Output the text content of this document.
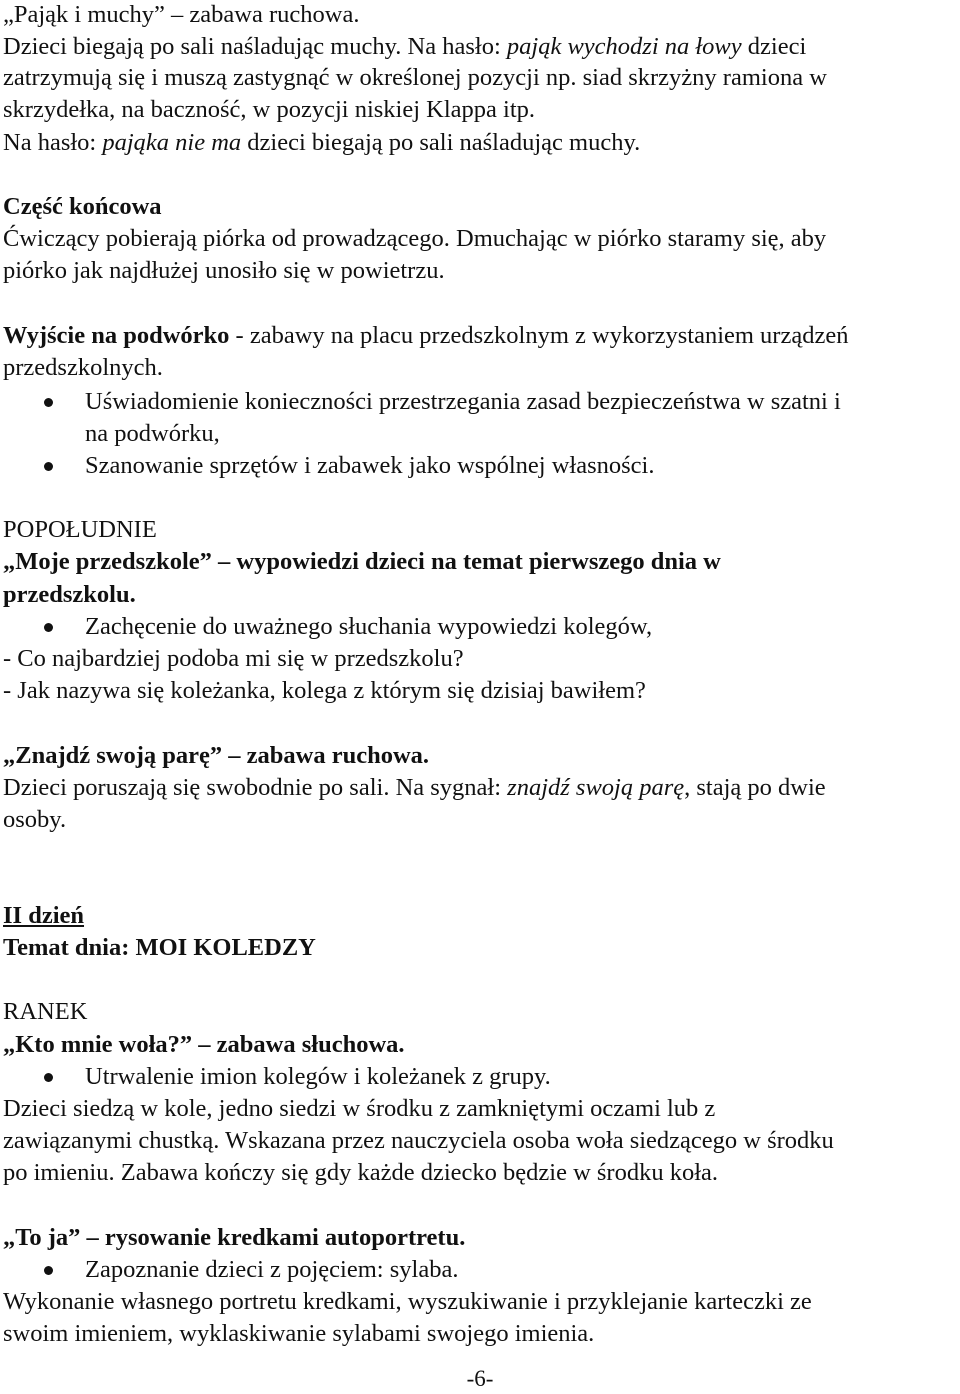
„Pająk i muchy” – zabawa ruchowa.
Dzieci biegają po sali naśladując muchy. Na hasło: pająk wychodzi na łowy dzieci
zatrzymują się i muszą zastygnąć w określonej pozycji np. siad skrzyżny ramiona w
skrzydełka, na baczność, w pozycji niskiej Klappa itp.
Na hasło: pająka nie ma dzieci biegają po sali naśladując muchy.
Część końcowa
Ćwiczący pobierają piórka od prowadzącego. Dmuchając w piórko staramy się, aby
piórko jak najdłużej unosiło się w powietrzu.
Wyjście na podwórko - zabawy na placu przedszkolnym z wykorzystaniem urządzeń
przedszkolnych.
Uświadomienie konieczności przestrzegania zasad bezpieczeństwa w szatni i
na podwórku,
Szanowanie sprzętów i zabawek jako wspólnej własności.
POPOŁUDNIE
„Moje przedszkole” – wypowiedzi dzieci na temat pierwszego dnia w
przedszkolu.
Zachęcenie do uważnego słuchania wypowiedzi kolegów,
- Co najbardziej podoba mi się w przedszkolu?
- Jak nazywa się koleżanka, kolega z którym się dzisiaj bawiłem?
„Znajdź swoją parę” – zabawa ruchowa.
Dzieci poruszają się swobodnie po sali. Na sygnał: znajdź swoją parę, stają po dwie
osoby.
II dzień
Temat dnia: MOI KOLEDZY
RANEK
„Kto mnie woła?” – zabawa słuchowa.
Utrwalenie imion kolegów i koleżanek z grupy.
Dzieci siedzą w kole, jedno siedzi w środku z zamkniętymi oczami lub z
zawiązanymi chustką. Wskazana przez nauczyciela osoba woła siedzącego w środku
po imieniu. Zabawa kończy się gdy każde dziecko będzie w środku koła.
„To ja” – rysowanie kredkami autoportretu.
Zapoznanie dzieci z pojęciem: sylaba.
Wykonanie własnego portretu kredkami, wyszukiwanie i przyklejanie karteczki ze
swoim imieniem, wyklaskiwanie sylabami swojego imienia.
-6-
